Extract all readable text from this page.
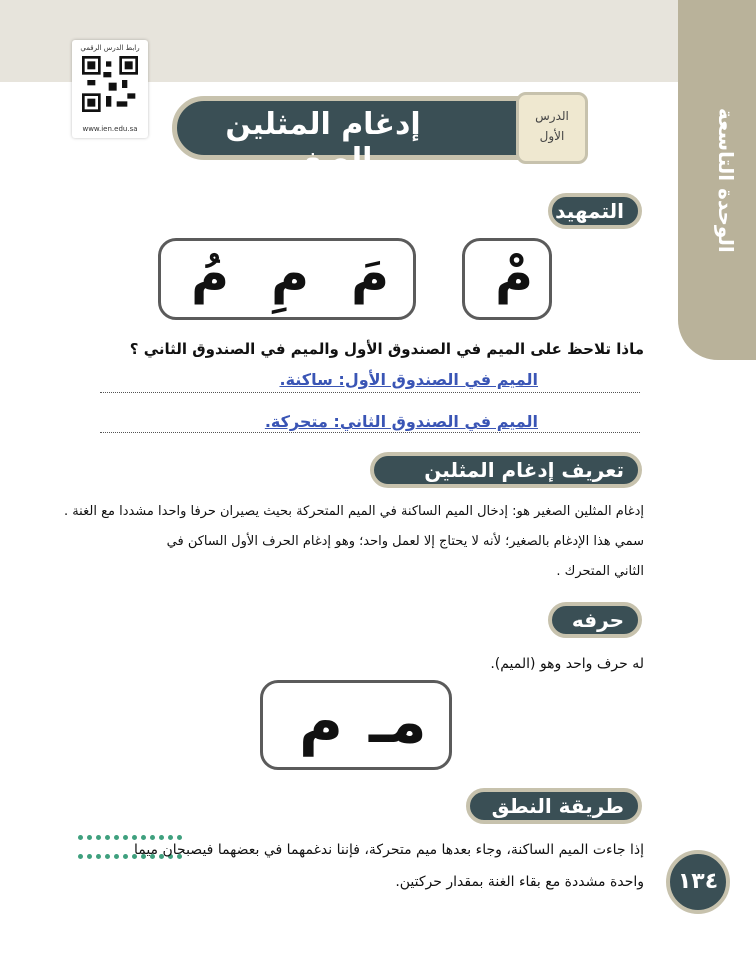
الوحدة التاسعة
رابط الدرس الرقمي
www.ien.edu.sa	إدغام المثلين الصغير
الدرس
الأول
التمهيد
مْ
مَ
مِ
مُ
ماذا تلاحظ على الميم في الصندوق الأول والميم في الصندوق الثاني ؟
الميم في الصندوق الأول: ساكنة.
الميم في الصندوق الثاني: متحركة.
تعريف إدغام المثلين الصغير
إدغام المثلين الصغير هو: إدخال الميم الساكنة في الميم المتحركة بحيث يصيران حرفا واحدا مشددا مع الغنة .
سمي هذا الإدغام بالصغير؛ لأنه لا يحتاج إلا لعمل واحد؛ وهو إدغام الحرف الأول الساكن في
الثاني المتحرك .
حرفه
له حرف واحد وهو (الميم).
م مـ
طريقة النطق به

إذا جاءت الميم الساكنة، وجاء بعدها ميم متحركة، فإننا ندغمهما في بعضهما فيصبحان ميما
واحدة مشددة مع بقاء الغنة بمقدار حركتين.	١٣٤
